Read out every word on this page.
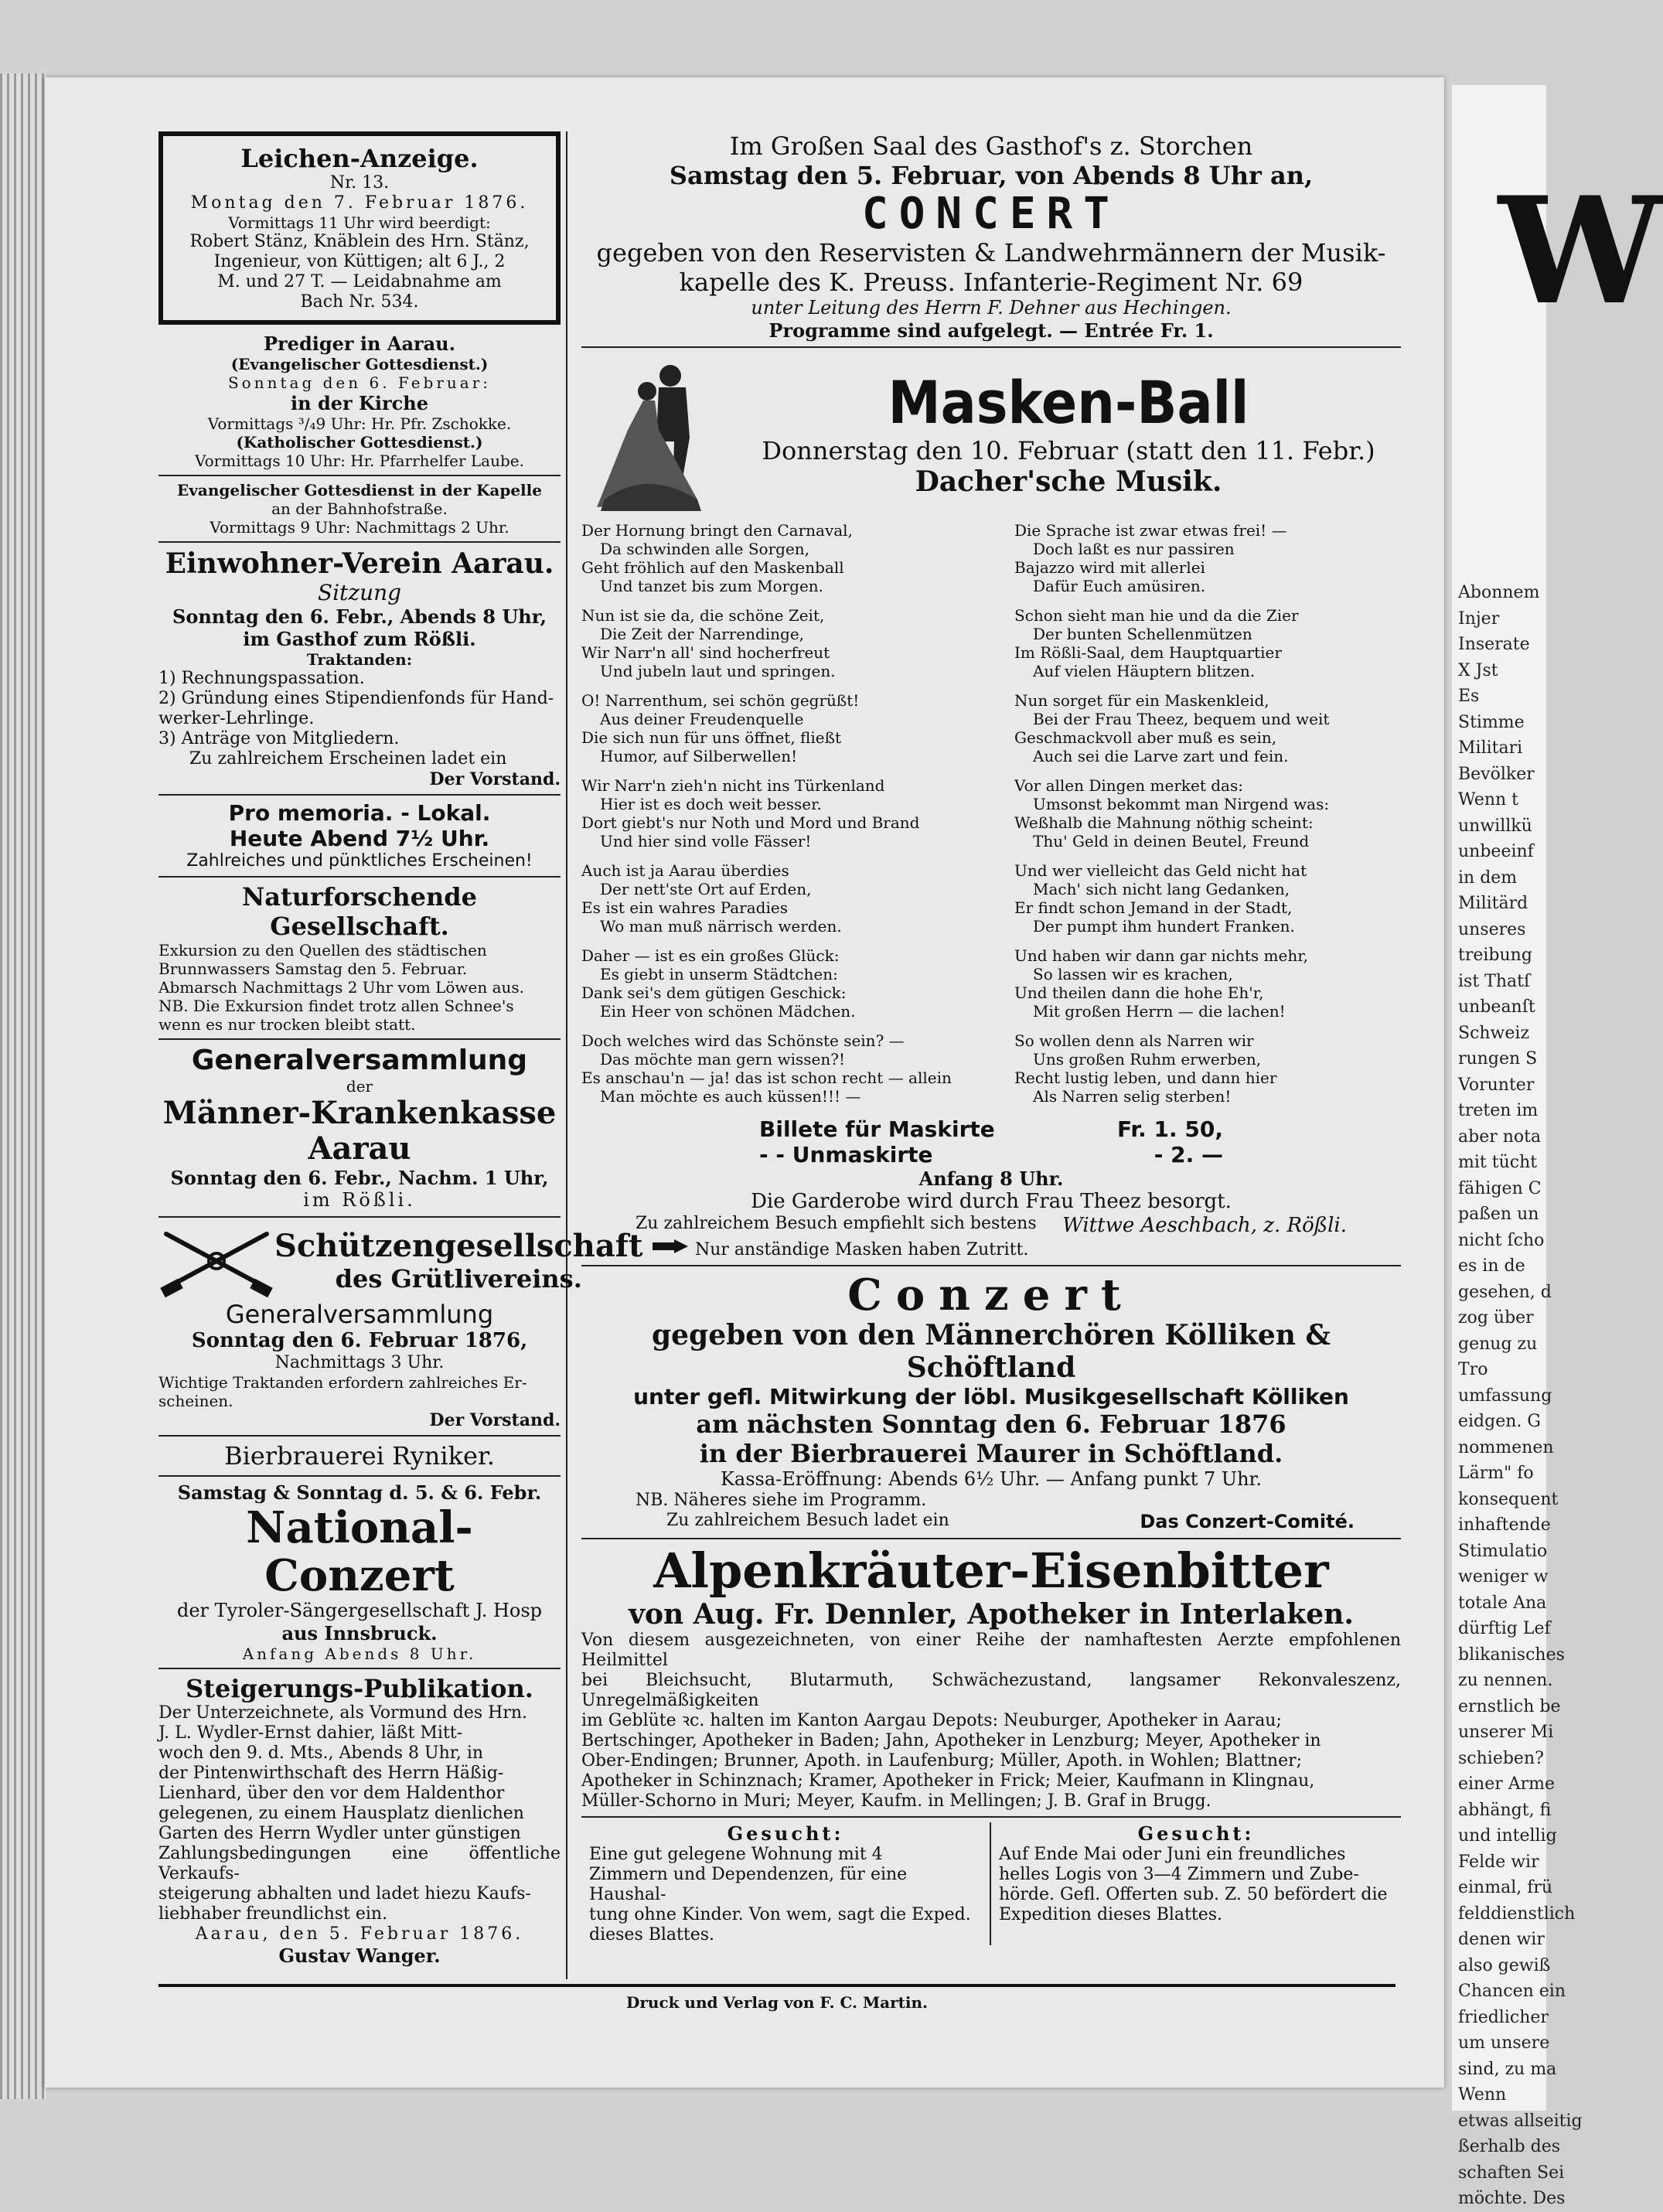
W

Abonnem

Injer

Inserate

X Jst

Es

Stimme

Militari

Bevölker

Wenn t

unwillkü

unbeeinf

in dem

Militärd

unseres

treibung

ist Thatſ

unbeanſt

Schweiz

rungen S

Vorunter

treten im

aber nota

mit tücht

fähigen C

paßen un

nicht ſcho

es in de

gesehen, d

zog über

genug zu

Tro

umfassung

eidgen. G

nommenen

Lärm" fo

konsequent

inhaftende

Stimulatio

weniger w

totale Ana

dürftig Lef

blikanisches

zu nennen.

ernstlich be

unserer Mi

schieben?

einer Arme

abhängt, fi

und intellig

Felde wir

einmal, frü

felddienstlich

denen wir

also gewiß

Chancen ein

friedlicher

um unsere

sind, zu ma

Wenn

etwas allseitig

ßerhalb des

schaften Sei

möchte. Des

Leichen-Anzeige.

Nr. 13.

Montag den 7. Februar 1876.

Vormittags 11 Uhr wird beerdigt:

Robert Stänz, Knäblein des Hrn. Stänz,

Ingenieur, von Küttigen; alt 6 J., 2

M. und 27 T. — Leidabnahme am

Bach Nr. 534.

Prediger in Aarau.

(Evangelischer Gottesdienst.)

Sonntag den 6. Februar:

in der Kirche

Vormittags ³/₄9 Uhr: Hr. Pfr. Zschokke.

(Katholischer Gottesdienst.)

Vormittags 10 Uhr: Hr. Pfarrhelfer Laube.

Evangelischer Gottesdienst in der Kapelle

an der Bahnhofstraße.

Vormittags 9 Uhr: Nachmittags 2 Uhr.

Einwohner-Verein Aarau.

Sitzung

Sonntag den 6. Febr., Abends 8 Uhr,

im Gasthof zum Rößli.

Traktanden:

1) Rechnungspassation.

2) Gründung eines Stipendienfonds für Hand-

werker-Lehrlinge.

3) Anträge von Mitgliedern.

Zu zahlreichem Erscheinen ladet ein

Der Vorstand.

Pro memoria. - Lokal.

Heute Abend 7½ Uhr.

Zahlreiches und pünktliches Erscheinen!

Naturforschende Gesellschaft.

Exkursion zu den Quellen des städtischen

Brunnwassers Samstag den 5. Februar.

Abmarsch Nachmittags 2 Uhr vom Löwen aus.

NB. Die Exkursion findet trotz allen Schnee's

wenn es nur trocken bleibt statt.

Generalversammlung

der

Männer-Krankenkasse Aarau

Sonntag den 6. Febr., Nachm. 1 Uhr,

im Rößli.

Schützengesellschaft

des Grütlivereins.

Generalversammlung

Sonntag den 6. Februar 1876,

Nachmittags 3 Uhr.

Wichtige Traktanden erfordern zahlreiches Er-

scheinen.

Der Vorstand.

Bierbrauerei Ryniker.

Samstag & Sonntag d. 5. & 6. Febr.

National-Conzert

der Tyroler-Sängergesellschaft J. Hosp

aus Innsbruck.

Anfang Abends 8 Uhr.

Steigerungs-Publikation.

Der Unterzeichnete, als Vormund des Hrn.

J. L. Wydler-Ernst dahier, läßt Mitt-

woch den 9. d. Mts., Abends 8 Uhr, in

der Pintenwirthschaft des Herrn Häßig-

Lienhard, über den vor dem Haldenthor

gelegenen, zu einem Hausplatz dienlichen

Garten des Herrn Wydler unter günstigen

Zahlungsbedingungen eine öffentliche Verkaufs-

steigerung abhalten und ladet hiezu Kaufs-

liebhaber freundlichst ein.

Aarau, den 5. Februar 1876.

Gustav Wanger.

Im Großen Saal des Gasthof's z. Storchen

Samstag den 5. Februar, von Abends 8 Uhr an,

CONCERT

gegeben von den Reservisten & Landwehrmännern der Musik-

kapelle des K. Preuss. Infanterie-Regiment Nr. 69

unter Leitung des Herrn F. Dehner aus Hechingen.

Programme sind aufgelegt. — Entrée Fr. 1.

Masken-Ball

Donnerstag den 10. Februar (statt den 11. Febr.)

Dacher'sche Musik.

Der Hornung bringt den Carnaval,

Da schwinden alle Sorgen,

Geht fröhlich auf den Maskenball

Und tanzet bis zum Morgen.

Nun ist sie da, die schöne Zeit,

Die Zeit der Narrendinge,

Wir Narr'n all' sind hocherfreut

Und jubeln laut und springen.

O! Narrenthum, sei schön gegrüßt!

Aus deiner Freudenquelle

Die sich nun für uns öffnet, fließt

Humor, auf Silberwellen!

Wir Narr'n zieh'n nicht ins Türkenland

Hier ist es doch weit besser.

Dort giebt's nur Noth und Mord und Brand

Und hier sind volle Fässer!

Auch ist ja Aarau überdies

Der nett'ste Ort auf Erden,

Es ist ein wahres Paradies

Wo man muß närrisch werden.

Daher — ist es ein großes Glück:

Es giebt in unserm Städtchen:

Dank sei's dem gütigen Geschick:

Ein Heer von schönen Mädchen.

Doch welches wird das Schönste sein? —

Das möchte man gern wissen?!

Es anschau'n — ja! das ist schon recht — allein

Man möchte es auch küssen!!! —

Die Sprache ist zwar etwas frei! —

Doch laßt es nur passiren

Bajazzo wird mit allerlei

Dafür Euch amüsiren.

Schon sieht man hie und da die Zier

Der bunten Schellenmützen

Im Rößli-Saal, dem Hauptquartier

Auf vielen Häuptern blitzen.

Nun sorget für ein Maskenkleid,

Bei der Frau Theez, bequem und weit

Geschmackvoll aber muß es sein,

Auch sei die Larve zart und fein.

Vor allen Dingen merket das:

Umsonst bekommt man Nirgend was:

Weßhalb die Mahnung nöthig scheint:

Thu' Geld in deinen Beutel, Freund

Und wer vielleicht das Geld nicht hat

Mach' sich nicht lang Gedanken,

Er findt schon Jemand in der Stadt,

Der pumpt ihm hundert Franken.

Und haben wir dann gar nichts mehr,

So lassen wir es krachen,

Und theilen dann die hohe Eh'r,

Mit großen Herrn — die lachen!

So wollen denn als Narren wir

Uns großen Ruhm erwerben,

Recht lustig leben, und dann hier

Als Narren selig sterben!

Billete für Maskirte	Fr. 1. 50,
- - Unmaskirte	- 2. —

Anfang 8 Uhr.

Die Garderobe wird durch Frau Theez besorgt.

Zu zahlreichem Besuch empfiehlt sich bestens Wittwe Aeschbach, z. Rößli.

Nur anständige Masken haben Zutritt.

Conzert

gegeben von den Männerchören Kölliken & Schöftland

unter gefl. Mitwirkung der löbl. Musikgesellschaft Kölliken

am nächsten Sonntag den 6. Februar 1876

in der Bierbrauerei Maurer in Schöftland.

Kassa-Eröffnung: Abends 6½ Uhr. — Anfang punkt 7 Uhr.

NB. Näheres siehe im Programm.

Zu zahlreichem Besuch ladet ein	Das Conzert-Comité.

Alpenkräuter-Eisenbitter

von Aug. Fr. Dennler, Apotheker in Interlaken.

Von diesem ausgezeichneten, von einer Reihe der namhaftesten Aerzte empfohlenen Heilmittel

bei Bleichsucht, Blutarmuth, Schwächezustand, langsamer Rekonvaleszenz, Unregelmäßigkeiten

im Geblüte ꝛc. halten im Kanton Aargau Depots: Neuburger, Apotheker in Aarau;

Bertschinger, Apotheker in Baden; Jahn, Apotheker in Lenzburg; Meyer, Apotheker in

Ober-Endingen; Brunner, Apoth. in Laufenburg; Müller, Apoth. in Wohlen; Blattner;

Apotheker in Schinznach; Kramer, Apotheker in Frick; Meier, Kaufmann in Klingnau,

Müller-Schorno in Muri; Meyer, Kaufm. in Mellingen; J. B. Graf in Brugg.

Gesucht:

Eine gut gelegene Wohnung mit 4

Zimmern und Dependenzen, für eine Haushal-

tung ohne Kinder. Von wem, sagt die Exped.

dieses Blattes.

Gesucht:

Auf Ende Mai oder Juni ein freundliches

helles Logis von 3—4 Zimmern und Zube-

hörde. Gefl. Offerten sub. Z. 50 befördert die

Expedition dieses Blattes.

Druck und Verlag von F. C. Martin.
